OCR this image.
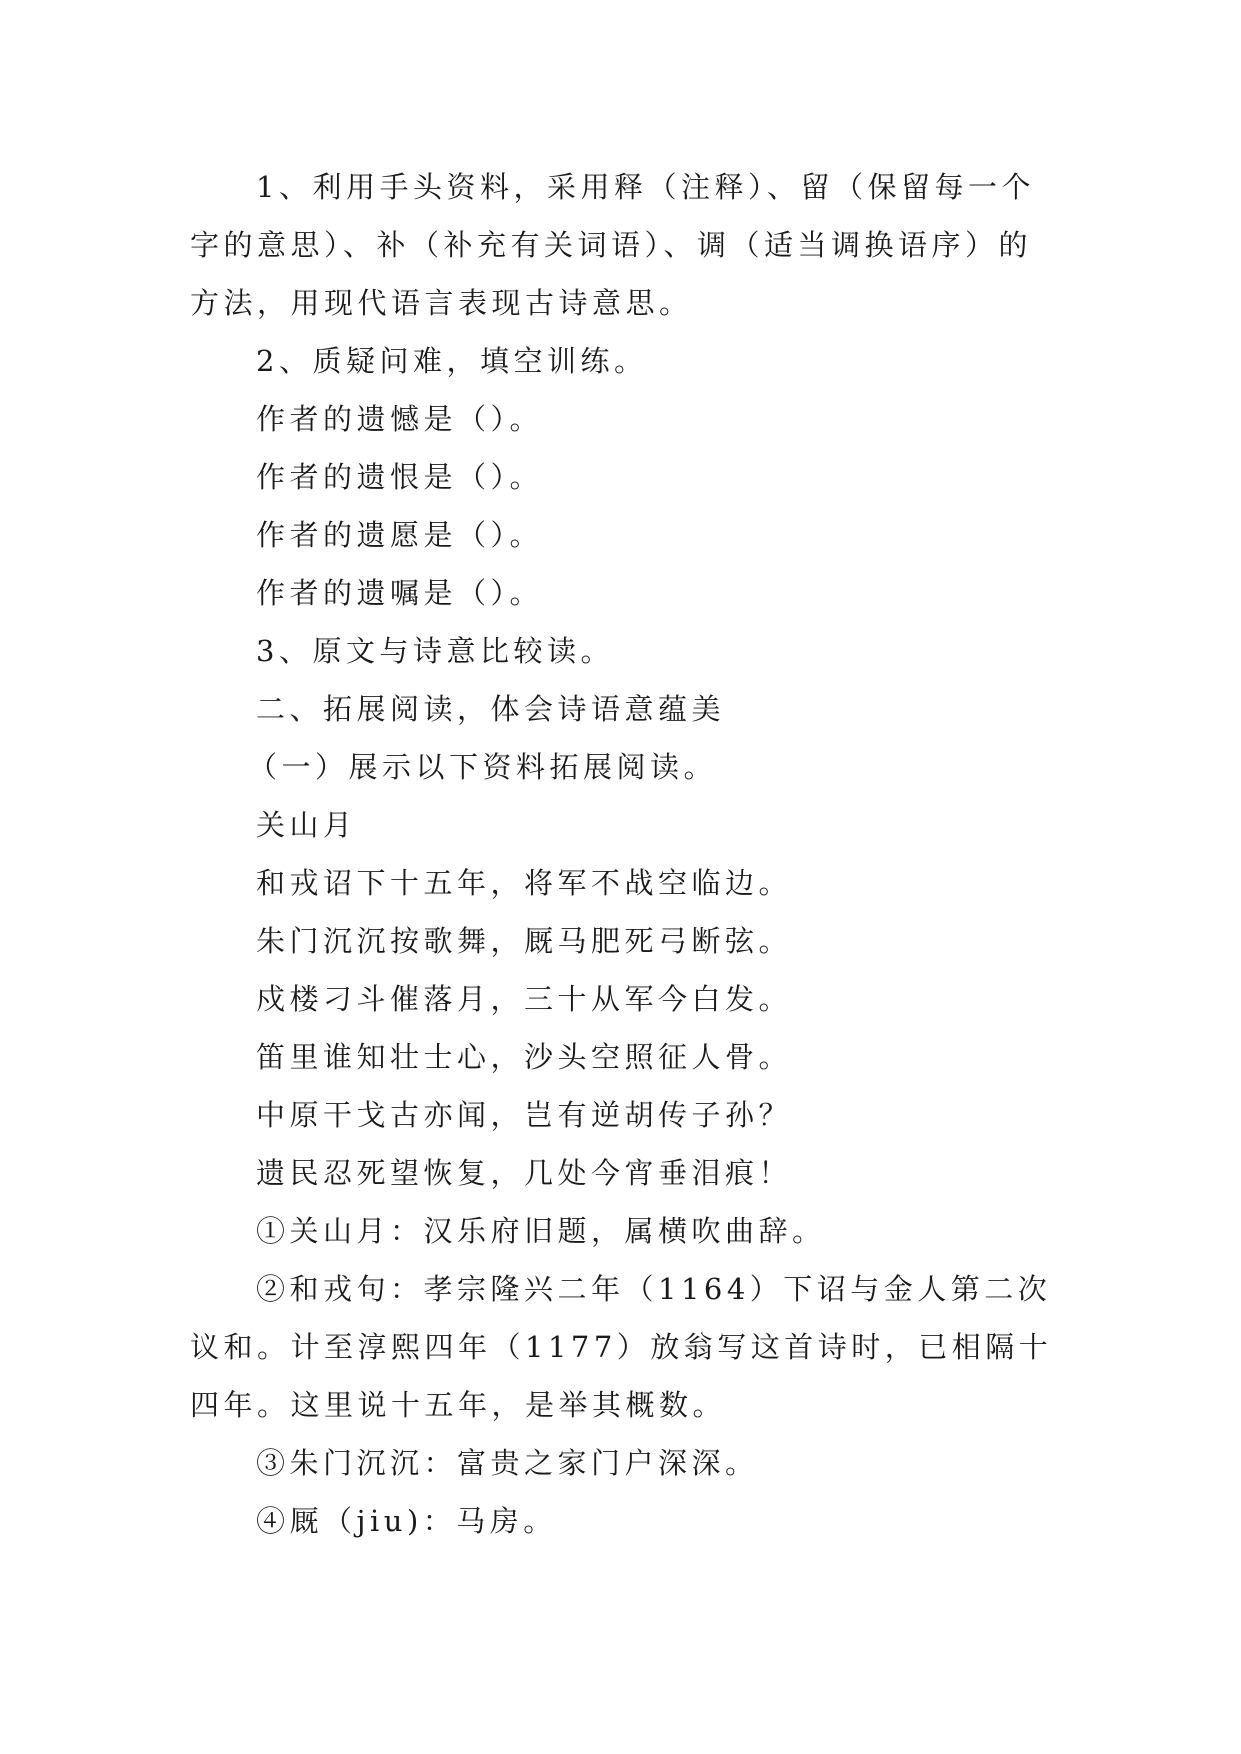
1、利用手头资料，采用释（注释）、留（保留每一个字的意思）、补（补充有关词语）、调（适当调换语序）的方法，用现代语言表现古诗意思。

2、质疑问难，填空训练。

作者的遗憾是（）。

作者的遗恨是（）。

作者的遗愿是（）。

作者的遗嘱是（）。

3、原文与诗意比较读。

二、拓展阅读，体会诗语意蕴美

（一）展示以下资料拓展阅读。

关山月

和戎诏下十五年，将军不战空临边。

朱门沉沉按歌舞，厩马肥死弓断弦。

戍楼刁斗催落月，三十从军今白发。

笛里谁知壮士心，沙头空照征人骨。

中原干戈古亦闻，岂有逆胡传子孙？

遗民忍死望恢复，几处今宵垂泪痕！

①关山月：汉乐府旧题，属横吹曲辞。

②和戎句：孝宗隆兴二年（1164）下诏与金人第二次议和。计至淳熙四年（1177）放翁写这首诗时，已相隔十四年。这里说十五年，是举其概数。

③朱门沉沉：富贵之家门户深深。

④厩（jiu)：马房。
